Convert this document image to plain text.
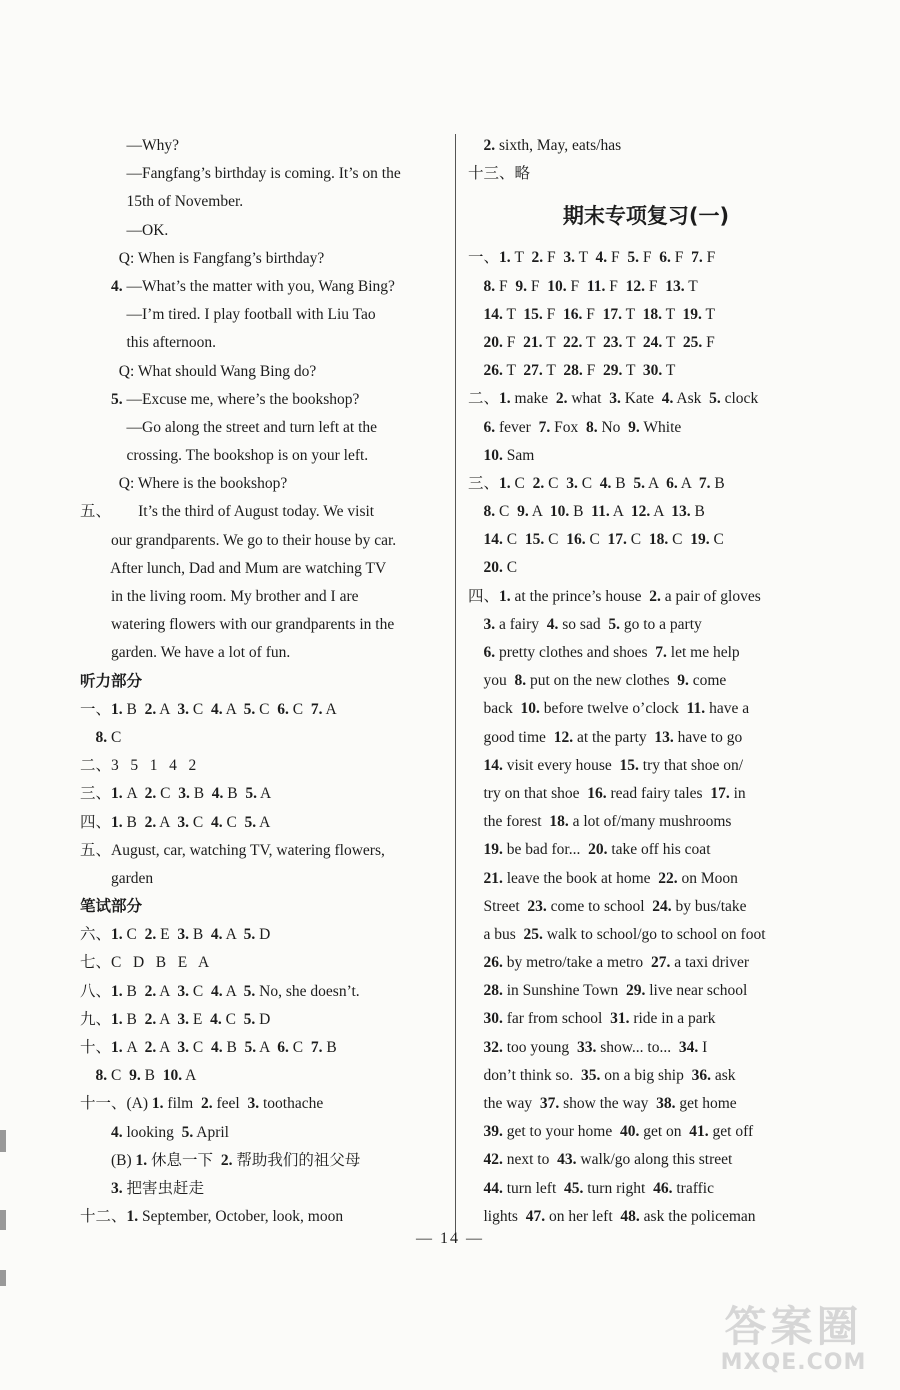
—Why?
—Fangfang’s birthday is coming. It’s on the
15th of November.
—OK.
Q: When is Fangfang’s birthday?
4. —What’s the matter with you, Wang Bing?
—I’m tired. I play football with Liu Tao
this afternoon.
Q: What should Wang Bing do?
5. —Excuse me, where’s the bookshop?
—Go along the street and turn left at the
crossing. The bookshop is on your left.
Q: Where is the bookshop?
五、       It’s the third of August today. We visit
our grandparents. We go to their house by car.
After lunch, Dad and Mum are watching TV
in the living room. My brother and I are
watering flowers with our grandparents in the
garden. We have a lot of fun.
听力部分
一、1. B  2. A  3. C  4. A  5. C  6. C  7. A
8. C
二、3   5   1   4   2
三、1. A  2. C  3. B  4. B  5. A
四、1. B  2. A  3. C  4. C  5. A
五、August, car, watching TV, watering flowers,
garden
笔试部分
六、1. C  2. E  3. B  4. A  5. D
七、C   D   B   E   A
八、1. B  2. A  3. C  4. A  5. No, she doesn’t.
九、1. B  2. A  3. E  4. C  5. D
十、1. A  2. A  3. C  4. B  5. A  6. C  7. B
8. C  9. B  10. A
十一、(A) 1. film  2. feel  3. toothache
4. looking  5. April
(B) 1. 休息一下  2. 帮助我们的祖父母
3. 把害虫赶走
十二、1. September, October, look, moon
2. sixth, May, eats/has
十三、略
期末专项复习(一)
一、1. T  2. F  3. T  4. F  5. F  6. F  7. F
8. F  9. F  10. F  11. F  12. F  13. T
14. T  15. F  16. F  17. T  18. T  19. T
20. F  21. T  22. T  23. T  24. T  25. F
26. T  27. T  28. F  29. T  30. T
二、1. make  2. what  3. Kate  4. Ask  5. clock
6. fever  7. Fox  8. No  9. White
10. Sam
三、1. C  2. C  3. C  4. B  5. A  6. A  7. B
8. C  9. A  10. B  11. A  12. A  13. B
14. C  15. C  16. C  17. C  18. C  19. C
20. C
四、1. at the prince’s house  2. a pair of gloves
3. a fairy  4. so sad  5. go to a party
6. pretty clothes and shoes  7. let me help
you  8. put on the new clothes  9. come
back  10. before twelve o’clock  11. have a
good time  12. at the party  13. have to go
14. visit every house  15. try that shoe on/
try on that shoe  16. read fairy tales  17. in
the forest  18. a lot of/many mushrooms
19. be bad for...  20. take off his coat
21. leave the book at home  22. on Moon
Street  23. come to school  24. by bus/take
a bus  25. walk to school/go to school on foot
26. by metro/take a metro  27. a taxi driver
28. in Sunshine Town  29. live near school
30. far from school  31. ride in a park
32. too young  33. show... to...  34. I
don’t think so.  35. on a big ship  36. ask
the way  37. show the way  38. get home
39. get to your home  40. get on  41. get off
42. next to  43. walk/go along this street
44. turn left  45. turn right  46. traffic
lights  47. on her left  48. ask the policeman
— 14 —
答案圈
MXQE.COM
